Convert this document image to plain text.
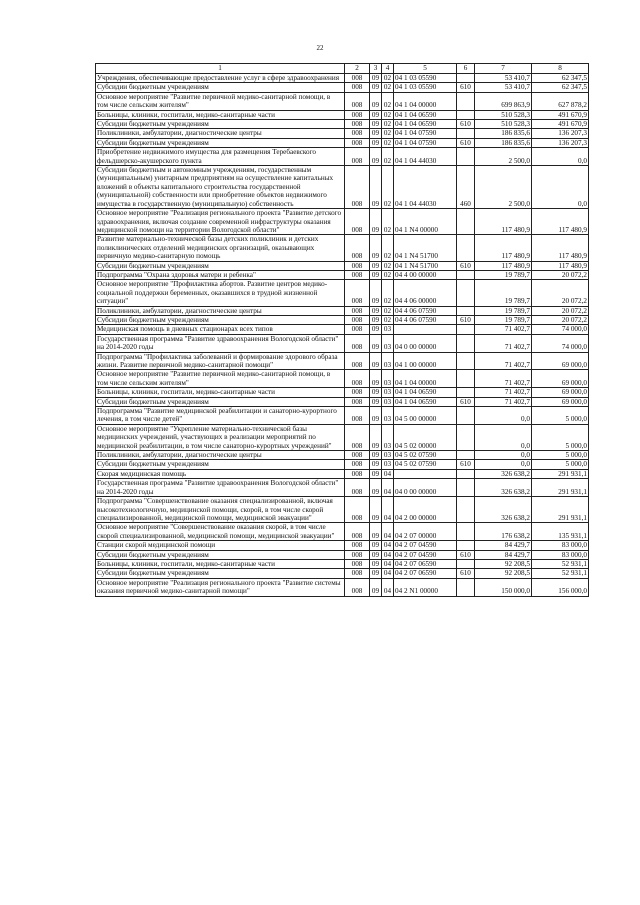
22
1	2	3	4	5	6	7	8
Учреждения, обеспечивающие предоставление услуг в сфере здравоохранения	008	09	02	04 1 03 05590		53 410,7	62 347,5
Субсидии бюджетным учреждениям	008	09	02	04 1 03 05590	610	53 410,7	62 347,5
Основное мероприятие "Развитие первичной медико-санитарной помощи, в том числе сельским жителям"	008	09	02	04 1 04 00000		699 863,9	627 878,2
Больницы, клиники, госпитали, медико-санитарные части	008	09	02	04 1 04 06590		510 528,3	491 670,9
Субсидии бюджетным учреждениям	008	09	02	04 1 04 06590	610	510 528,3	491 670,9
Поликлиники, амбулатории, диагностические центры	008	09	02	04 1 04 07590		186 835,6	136 207,3
Субсидии бюджетным учреждениям	008	09	02	04 1 04 07590	610	186 835,6	136 207,3
Приобретение недвижимого имущества для размещения Теребаевского фельдшерско-акушерского пункта	008	09	02	04 1 04 44030		2 500,0	0,0
Субсидии бюджетным и автономным учреждениям, государственным (муниципальным) унитарным предприятиям на осуществление капитальных вложений в объекты капитального строительства государственной (муниципальной) собственности или приобретение объектов недвижимого имущества в государственную (муниципальную) собственность	008	09	02	04 1 04 44030	460	2 500,0	0,0
Основное мероприятие "Реализация регионального проекта "Развитие детского здравоохранения, включая создание современной инфраструктуры оказания медицинской помощи на территории Вологодской области"	008	09	02	04 1 N4 00000		117 480,9	117 480,9
Развитие материально-технической базы детских поликлиник и детских поликлинических отделений медицинских организаций, оказывающих первичную медико-санитарную помощь	008	09	02	04 1 N4 51700		117 480,9	117 480,9
Субсидии бюджетным учреждениям	008	09	02	04 1 N4 51700	610	117 480,9	117 480,9
Подпрограмма "Охрана здоровья матери и ребенка"	008	09	02	04 4 00 00000		19 789,7	20 072,2
Основное мероприятие "Профилактика абортов. Развитие центров медико-социальной поддержки беременных, оказавшихся в трудной жизненной ситуации"	008	09	02	04 4 06 00000		19 789,7	20 072,2
Поликлиники, амбулатории, диагностические центры	008	09	02	04 4 06 07590		19 789,7	20 072,2
Субсидии бюджетным учреждениям	008	09	02	04 4 06 07590	610	19 789,7	20 072,2
Медицинская помощь в дневных стационарах всех типов	008	09	03			71 402,7	74 000,0
Государственная программа "Развитие здравоохранения Вологодской области" на 2014-2020 годы	008	09	03	04 0 00 00000		71 402,7	74 000,0
Подпрограмма "Профилактика заболеваний и формирование здорового образа жизни. Развитие первичной медико-санитарной помощи"	008	09	03	04 1 00 00000		71 402,7	69 000,0
Основное мероприятие "Развитие первичной медико-санитарной помощи, в том числе сельским жителям"	008	09	03	04 1 04 00000		71 402,7	69 000,0
Больницы, клиники, госпитали, медико-санитарные части	008	09	03	04 1 04 06590		71 402,7	69 000,0
Субсидии бюджетным учреждениям	008	09	03	04 1 04 06590	610	71 402,7	69 000,0
Подпрограмма "Развитие медицинской реабилитации и санаторно-курортного лечения, в том числе детей"	008	09	03	04 5 00 00000		0,0	5 000,0
Основное мероприятие "Укрепление материально-технической базы медицинских учреждений, участвующих в реализации мероприятий по медицинской реабилитации, в том числе санаторно-курортных учреждений"	008	09	03	04 5 02 00000		0,0	5 000,0
Поликлиники, амбулатории, диагностические центры	008	09	03	04 5 02 07590		0,0	5 000,0
Субсидии бюджетным учреждениям	008	09	03	04 5 02 07590	610	0,0	5 000,0
Скорая медицинская помощь	008	09	04			326 638,2	291 931,1
Государственная программа "Развитие здравоохранения Вологодской области" на 2014-2020 годы	008	09	04	04 0 00 00000		326 638,2	291 931,1
Подпрограмма "Совершенствование оказания специализированной, включая высокотехнологичную, медицинской помощи, скорой, в том числе скорой специализированной, медицинской помощи, медицинской эвакуации"	008	09	04	04 2 00 00000		326 638,2	291 931,1
Основное мероприятие "Совершенствование оказания скорой, в том числе скорой специализированной, медицинской помощи, медицинской эвакуации"	008	09	04	04 2 07 00000		176 638,2	135 931,1
Станции скорой медицинской помощи	008	09	04	04 2 07 04590		84 429,7	83 000,0
Субсидии бюджетным учреждениям	008	09	04	04 2 07 04590	610	84 429,7	83 000,0
Больницы, клиники, госпитали, медико-санитарные части	008	09	04	04 2 07 06590		92 208,5	52 931,1
Субсидии бюджетным учреждениям	008	09	04	04 2 07 06590	610	92 208,5	52 931,1
Основное мероприятие "Реализация регионального проекта "Развитие системы оказания первичной медико-санитарной помощи"	008	09	04	04 2 N1 00000		150 000,0	156 000,0
